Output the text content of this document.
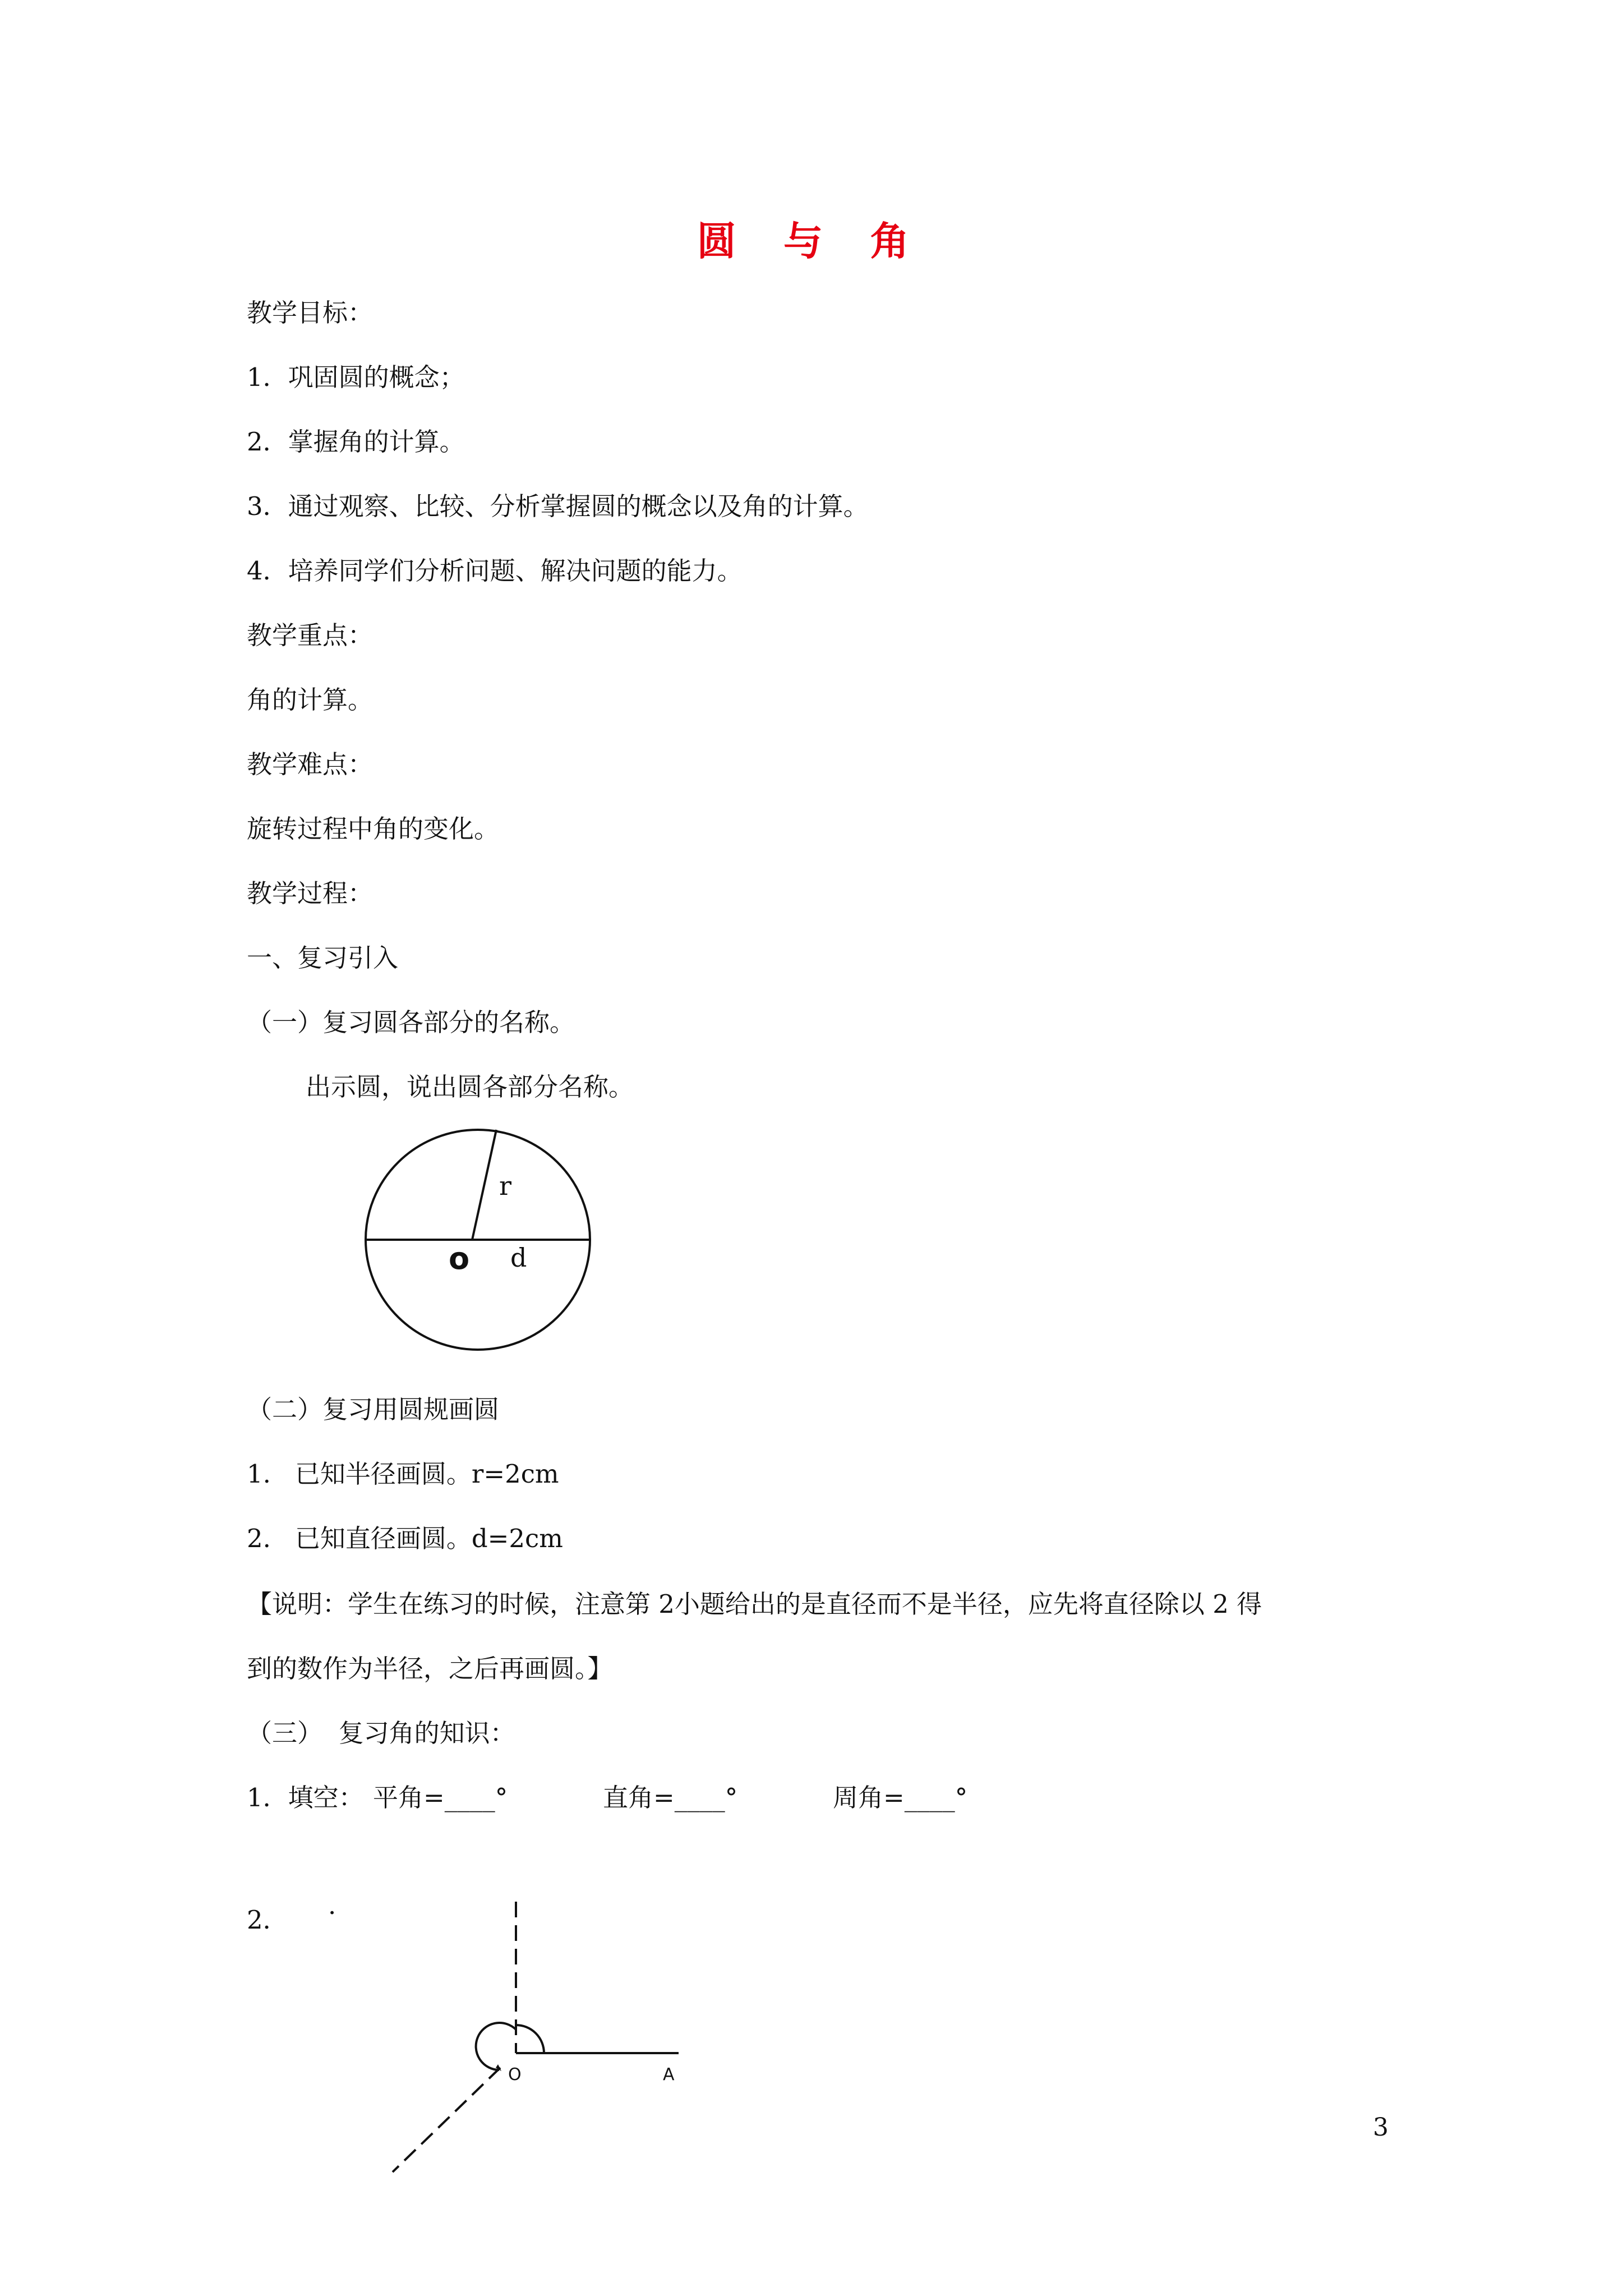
圆 与 角
教学目标：
1．巩固圆的概念；
2．掌握角的计算。
3．通过观察、比较、分析掌握圆的概念以及角的计算。
4．培养同学们分析问题、解决问题的能力。
教学重点：
角的计算。
教学难点：
旋转过程中角的变化。
教学过程：
一、复习引入
（一）复习圆各部分的名称。
出示圆，说出圆各部分名称。
r
o d
（二）复习用圆规画圆
1.   已知半径画圆。r=2cm
2.   已知直径画圆。d=2cm
【说明：学生在练习的时候，注意第 2小题给出的是直径而不是半径，应先将直径除以 2 得
到的数作为半径，之后再画圆。】
（三）  复习角的知识：
1．填空： 平角=____°	直角=____°	周角=____°
2． ·
O	A
3
